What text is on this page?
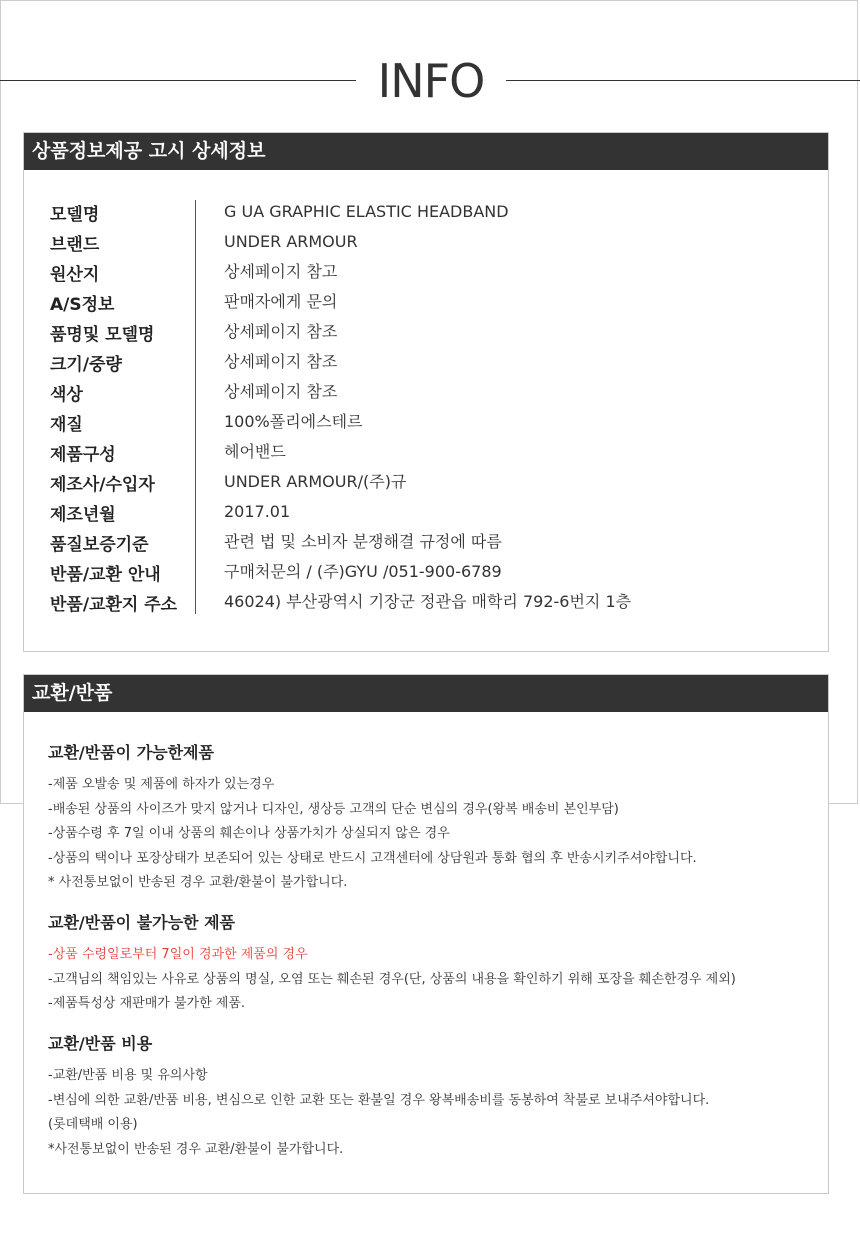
INFO
상품정보제공 고시 상세정보
모델명	G UA GRAPHIC ELASTIC HEADBAND
브랜드	UNDER ARMOUR
원산지	상세페이지 참고
A/S정보	판매자에게 문의
품명및 모델명	상세페이지 참조
크기/중량	상세페이지 참조
색상	상세페이지 참조
재질	100%폴리에스테르
제품구성	헤어밴드
제조사/수입자	UNDER ARMOUR/(주)규
제조년월	2017.01
품질보증기준	관련 법 및 소비자 분쟁해결 규정에 따름
반품/교환 안내	구매처문의 / (주)GYU /051-900-6789
반품/교환지 주소	46024) 부산광역시 기장군 정관읍 매학리 792-6번지 1층
교환/반품
교환/반품이 가능한제품
-제품 오발송 및 제품에 하자가 있는경우
-배송된 상품의 사이즈가 맞지 않거나 디자인, 생상등 고객의 단순 변심의 경우(왕복 배송비 본인부담)
-상품수령 후 7일 이내 상품의 훼손이나 상품가치가 상실되지 않은 경우
-상품의 택이나 포장상태가 보존되어 있는 상태로 반드시 고객센터에 상담원과 통화 협의 후 반송시키주셔야합니다.
* 사전통보없이 반송된 경우 교환/환불이 불가합니다.
교환/반품이 불가능한 제품
-상품 수령일로부터 7일이 경과한 제품의 경우
-고객님의 책임있는 사유로 상품의 명실, 오염 또는 훼손된 경우(단, 상품의 내용을 확인하기 위해 포장을 훼손한경우 제외)
-제품특성상 재판매가 불가한 제품.
교환/반품 비용
-교환/반품 비용 및 유의사항
-변심에 의한 교환/반품 비용, 변심으로 인한 교환 또는 환불일 경우 왕복배송비를 동봉하여 착불로 보내주셔야합니다.
(롯데택배 이용)
*사전통보없이 반송된 경우 교환/환불이 불가합니다.
